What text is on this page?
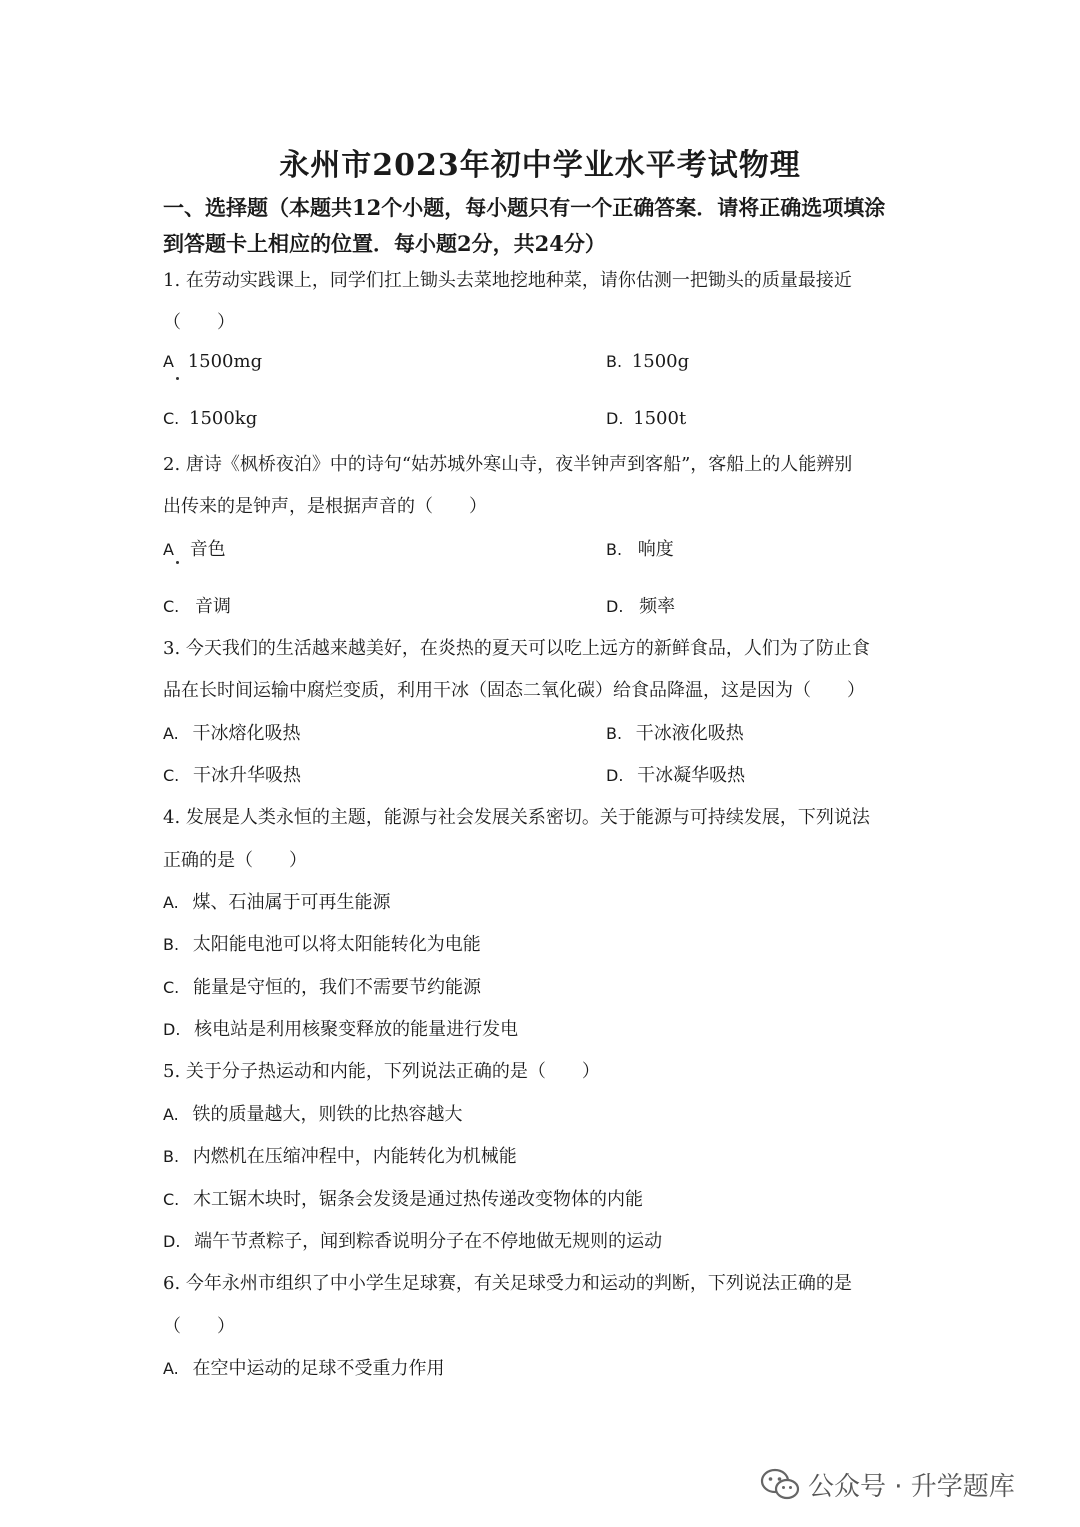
永州市2023年初中学业水平考试物理
一、选择题（本题共12个小题，每小题只有一个正确答案．请将正确选项填涂
到答题卡上相应的位置．每小题2分，共24分）
1. 在劳动实践课上，同学们扛上锄头去菜地挖地种菜，请你估测一把锄头的质量最接近
（　　）
A 1500mg	B. 1500g
C. 1500kg	D. 1500t
2. 唐诗《枫桥夜泊》中的诗句“姑苏城外寒山寺，夜半钟声到客船”，客船上的人能辨别
出传来的是钟声，是根据声音的（　　）
A 音色	B. 响度
C. 音调	D. 频率
3. 今天我们的生活越来越美好，在炎热的夏天可以吃上远方的新鲜食品，人们为了防止食
品在长时间运输中腐烂变质，利用干冰（固态二氧化碳）给食品降温，这是因为（　　）
A. 干冰熔化吸热	B. 干冰液化吸热
C. 干冰升华吸热	D. 干冰凝华吸热
4. 发展是人类永恒的主题，能源与社会发展关系密切。关于能源与可持续发展，下列说法
正确的是（　　）
A. 煤、石油属于可再生能源
B. 太阳能电池可以将太阳能转化为电能
C. 能量是守恒的，我们不需要节约能源
D. 核电站是利用核聚变释放的能量进行发电
5. 关于分子热运动和内能，下列说法正确的是（　　）
A. 铁的质量越大，则铁的比热容越大
B. 内燃机在压缩冲程中，内能转化为机械能
C. 木工锯木块时，锯条会发烫是通过热传递改变物体的内能
D. 端午节煮粽子，闻到粽香说明分子在不停地做无规则的运动
6. 今年永州市组织了中小学生足球赛，有关足球受力和运动的判断，下列说法正确的是
（　　）
A. 在空中运动的足球不受重力作用
公众号 · 升学题库
